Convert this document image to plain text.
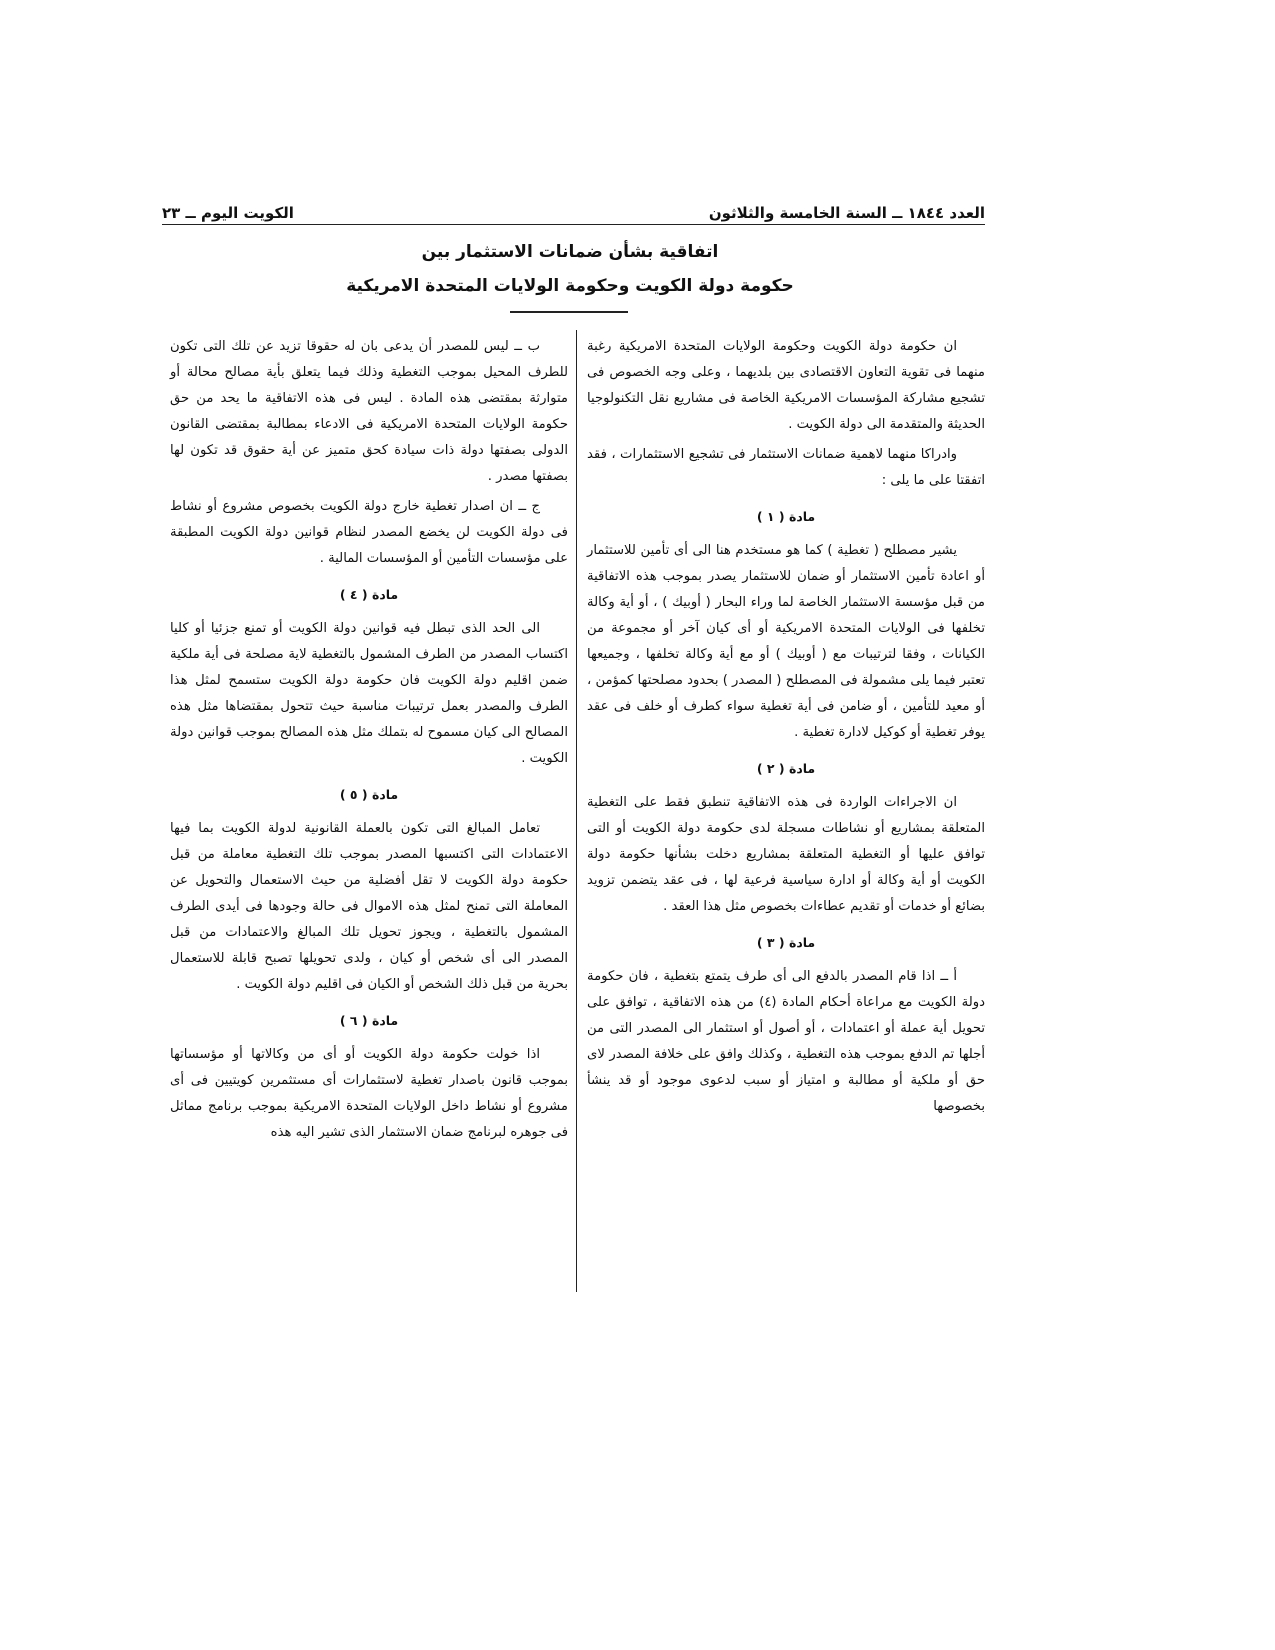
العدد ١٨٤٤ ــ السنة الخامسة والثلاثون
الكويت اليوم ــ ٢٣
اتفاقية بشأن ضمانات الاستثمار بين
حكومة دولة الكويت وحكومة الولايات المتحدة الامريكية

ان حكومة دولة الكويت وحكومة الولايات المتحدة الامريكية رغبة منهما فى تقوية التعاون الاقتصادى بين بلديهما ، وعلى وجه الخصوص فى تشجيع مشاركة المؤسسات الامريكية الخاصة فى مشاريع نقل التكنولوجيا الحديثة والمتقدمة الى دولة الكويت .

وادراكا منهما لاهمية ضمانات الاستثمار فى تشجيع الاستثمارات ، فقد اتفقتا على ما يلى :

مادة ( ١ )

يشير مصطلح ( تغطية ) كما هو مستخدم هنا الى أى تأمين للاستثمار أو اعادة تأمين الاستثمار أو ضمان للاستثمار يصدر بموجب هذه الاتفاقية من قبل مؤسسة الاستثمار الخاصة لما وراء البحار ( أوبيك ) ، أو أية وكالة تخلفها فى الولايات المتحدة الامريكية أو أى كيان آخر أو مجموعة من الكيانات ، وفقا لترتيبات مع ( أوبيك ) أو مع أية وكالة تخلفها ، وجميعها تعتبر فيما يلى مشمولة فى المصطلح ( المصدر ) بحدود مصلحتها كمؤمن ، أو معيد للتأمين ، أو ضامن فى أية تغطية سواء كطرف أو خلف فى عقد يوفر تغطية أو كوكيل لادارة تغطية .

مادة ( ٢ )

ان الاجراءات الواردة فى هذه الاتفاقية تنطبق فقط على التغطية المتعلقة بمشاريع أو نشاطات مسجلة لدى حكومة دولة الكويت أو التى توافق عليها أو التغطية المتعلقة بمشاريع دخلت بشأنها حكومة دولة الكويت أو أية وكالة أو ادارة سياسية فرعية لها ، فى عقد يتضمن تزويد بضائع أو خدمات أو تقديم عطاءات بخصوص مثل هذا العقد .

مادة ( ٣ )

أ ــ اذا قام المصدر بالدفع الى أى طرف يتمتع بتغطية ، فان حكومة دولة الكويت مع مراعاة أحكام المادة (٤) من هذه الاتفاقية ، توافق على تحويل أية عملة أو اعتمادات ، أو أصول أو استثمار الى المصدر التى من أجلها تم الدفع بموجب هذه التغطية ، وكذلك وافق على خلافة المصدر لاى حق أو ملكية أو مطالبة و امتياز أو سبب لدعوى موجود أو قد ينشأ بخصوصها

ب ــ ليس للمصدر أن يدعى بان له حقوقا تزيد عن تلك التى تكون للطرف المحيل بموجب التغطية وذلك فيما يتعلق بأية مصالح محالة أو متوارثة بمقتضى هذه المادة . ليس فى هذه الاتفاقية ما يحد من حق حكومة الولايات المتحدة الامريكية فى الادعاء بمطالبة بمقتضى القانون الدولى بصفتها دولة ذات سيادة كحق متميز عن أية حقوق قد تكون لها بصفتها مصدر .

ج ــ ان اصدار تغطية خارج دولة الكويت بخصوص مشروع أو نشاط فى دولة الكويت لن يخضع المصدر لنظام قوانين دولة الكويت المطبقة على مؤسسات التأمين أو المؤسسات المالية .

مادة ( ٤ )

الى الحد الذى تبطل فيه قوانين دولة الكويت أو تمنع جزئيا أو كليا اكتساب المصدر من الطرف المشمول بالتغطية لاية مصلحة فى أية ملكية ضمن اقليم دولة الكويت فان حكومة دولة الكويت ستسمح لمثل هذا الطرف والمصدر بعمل ترتيبات مناسبة حيث تتحول بمقتضاها مثل هذه المصالح الى كيان مسموح له بتملك مثل هذه المصالح بموجب قوانين دولة الكويت .

مادة ( ٥ )

تعامل المبالغ التى تكون بالعملة القانونية لدولة الكويت بما فيها الاعتمادات التى اكتسبها المصدر بموجب تلك التغطية معاملة من قبل حكومة دولة الكويت لا تقل أفضلية من حيث الاستعمال والتحويل عن المعاملة التى تمنح لمثل هذه الاموال فى حالة وجودها فى أيدى الطرف المشمول بالتغطية ، ويجوز تحويل تلك المبالغ والاعتمادات من قبل المصدر الى أى شخص أو كيان ، ولدى تحويلها تصبح قابلة للاستعمال بحرية من قبل ذلك الشخص أو الكيان فى اقليم دولة الكويت .

مادة ( ٦ )

اذا خولت حكومة دولة الكويت أو أى من وكالاتها أو مؤسساتها بموجب قانون باصدار تغطية لاستثمارات أى مستثمرين كويتيين فى أى مشروع أو نشاط داخل الولايات المتحدة الامريكية بموجب برنامج مماثل فى جوهره لبرنامج ضمان الاستثمار الذى تشير اليه هذه
